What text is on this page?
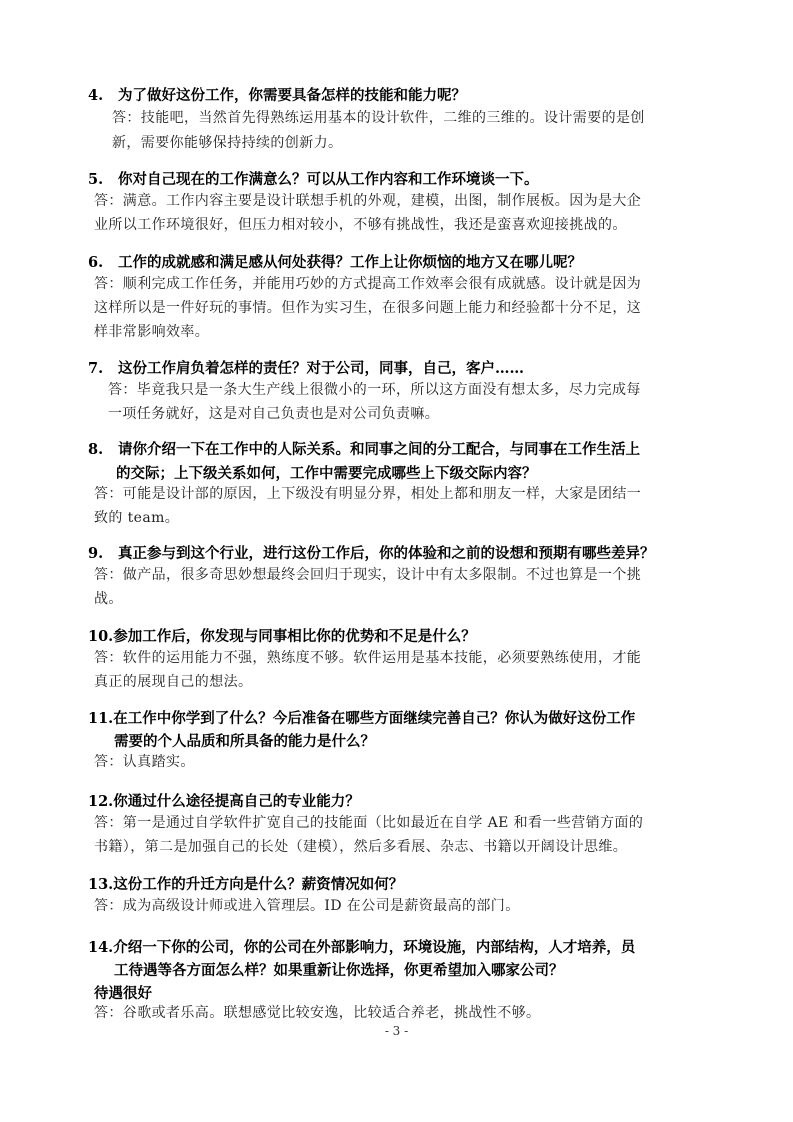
4. 为了做好这份工作，你需要具备怎样的技能和能力呢？
答：技能吧，当然首先得熟练运用基本的设计软件，二维的三维的。设计需要的是创
新，需要你能够保持持续的创新力。
5. 你对自己现在的工作满意么？可以从工作内容和工作环境谈一下。
答：满意。工作内容主要是设计联想手机的外观，建模，出图，制作展板。因为是大企
业所以工作环境很好，但压力相对较小，不够有挑战性，我还是蛮喜欢迎接挑战的。
6. 工作的成就感和满足感从何处获得？工作上让你烦恼的地方又在哪儿呢？
答：顺利完成工作任务，并能用巧妙的方式提高工作效率会很有成就感。设计就是因为
这样所以是一件好玩的事情。但作为实习生，在很多问题上能力和经验都十分不足，这
样非常影响效率。
7. 这份工作肩负着怎样的责任？对于公司，同事，自己，客户……
答：毕竟我只是一条大生产线上很微小的一环，所以这方面没有想太多，尽力完成每
一项任务就好，这是对自己负责也是对公司负责嘛。
8. 请你介绍一下在工作中的人际关系。和同事之间的分工配合，与同事在工作生活上
的交际；上下级关系如何，工作中需要完成哪些上下级交际内容？
答：可能是设计部的原因，上下级没有明显分界，相处上都和朋友一样，大家是团结一
致的 team。
9. 真正参与到这个行业，进行这份工作后，你的体验和之前的设想和预期有哪些差异？
答：做产品，很多奇思妙想最终会回归于现实，设计中有太多限制。不过也算是一个挑
战。
10.参加工作后，你发现与同事相比你的优势和不足是什么？
答：软件的运用能力不强，熟练度不够。软件运用是基本技能，必须要熟练使用，才能
真正的展现自己的想法。
11.在工作中你学到了什么？今后准备在哪些方面继续完善自己？你认为做好这份工作
需要的个人品质和所具备的能力是什么？
答：认真踏实。
12.你通过什么途径提高自己的专业能力？
答：第一是通过自学软件扩宽自己的技能面（比如最近在自学 AE 和看一些营销方面的
书籍），第二是加强自己的长处（建模），然后多看展、杂志、书籍以开阔设计思维。
13.这份工作的升迁方向是什么？薪资情况如何？
答：成为高级设计师或进入管理层。ID 在公司是薪资最高的部门。
14.介绍一下你的公司，你的公司在外部影响力，环境设施，内部结构，人才培养，员
工待遇等各方面怎么样？如果重新让你选择，你更希望加入哪家公司？
待遇很好
答：谷歌或者乐高。联想感觉比较安逸，比较适合养老，挑战性不够。
- 3 -
